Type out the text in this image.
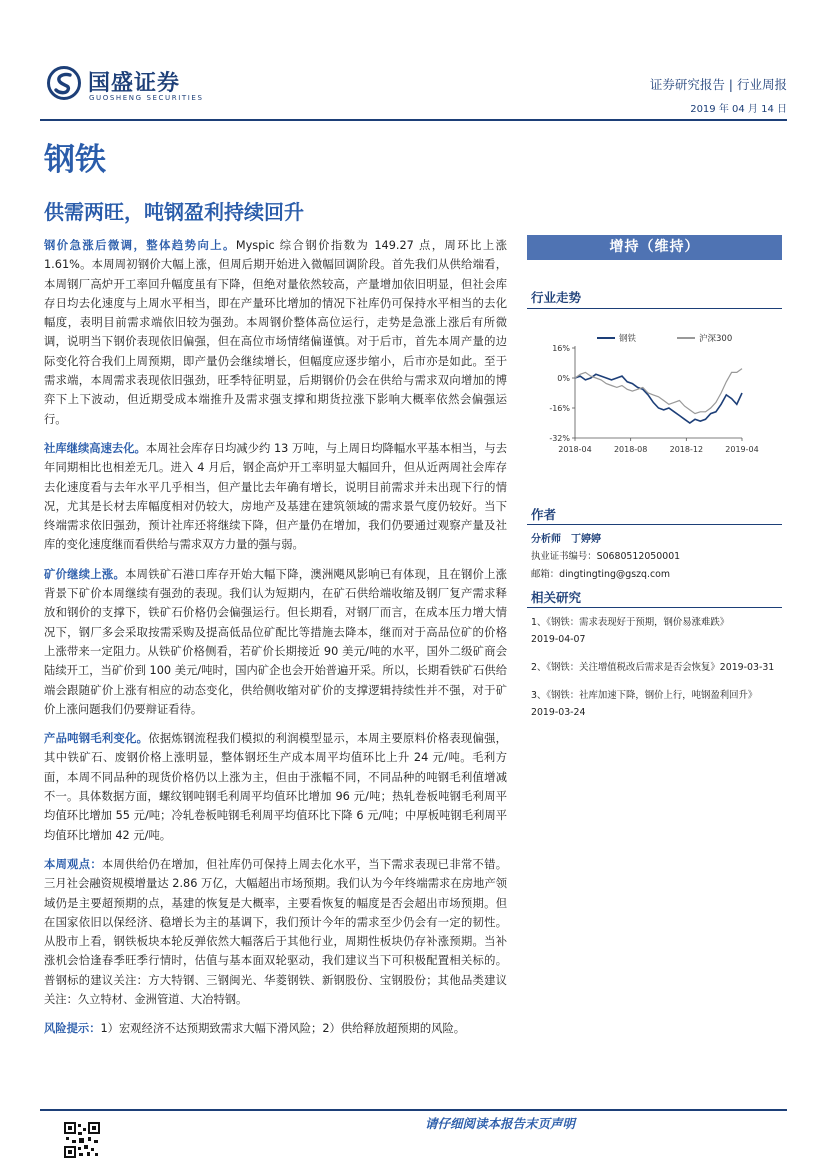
国盛证券
GUOSHENG SECURITIES
证券研究报告 | 行业周报
2019 年 04 月 14 日
钢铁
供需两旺，吨钢盈利持续回升

钢价急涨后微调，整体趋势向上。Myspic 综合钢价指数为 149.27 点，周环比上涨 1.61%。本周周初钢价大幅上涨，但周后期开始进入微幅回调阶段。首先我们从供给端看，本周钢厂高炉开工率回升幅度虽有下降，但绝对量依然较高，产量增加依旧明显，但社会库存日均去化速度与上周水平相当，即在产量环比增加的情况下社库仍可保持水平相当的去化幅度，表明目前需求端依旧较为强劲。本周钢价整体高位运行，走势是急涨上涨后有所微调，说明当下钢价表现依旧偏强，但在高位市场情绪偏谨慎。对于后市，首先本周产量的边际变化符合我们上周预期，即产量仍会继续增长，但幅度应逐步缩小，后市亦是如此。至于需求端，本周需求表现依旧强劲，旺季特征明显，后期钢价仍会在供给与需求双向增加的博弈下上下波动，但近期受成本端推升及需求强支撑和期货拉涨下影响大概率依然会偏强运行。

社库继续高速去化。本周社会库存日均减少约 13 万吨，与上周日均降幅水平基本相当，与去年同期相比也相差无几。进入 4 月后，钢企高炉开工率明显大幅回升，但从近两周社会库存去化速度看与去年水平几乎相当，但产量比去年确有增长，说明目前需求并未出现下行的情况，尤其是长材去库幅度相对仍较大，房地产及基建在建筑领域的需求景气度仍较好。当下终端需求依旧强劲，预计社库还将继续下降，但产量仍在增加，我们仍要通过观察产量及社库的变化速度继而看供给与需求双方力量的强与弱。

矿价继续上涨。本周铁矿石港口库存开始大幅下降，澳洲飓风影响已有体现，且在钢价上涨背景下矿价本周继续有强劲的表现。我们认为短期内，在矿石供给端收缩及钢厂复产需求释放和钢价的支撑下，铁矿石价格仍会偏强运行。但长期看，对钢厂而言，在成本压力增大情况下，钢厂多会采取按需采购及提高低品位矿配比等措施去降本，继而对于高品位矿的价格上涨带来一定阻力。从铁矿价格侧看，若矿价长期接近 90 美元/吨的水平，国外二级矿商会陆续开工，当矿价到 100 美元/吨时，国内矿企也会开始普遍开采。所以，长期看铁矿石供给端会跟随矿价上涨有相应的动态变化，供给侧收缩对矿价的支撑逻辑持续性并不强，对于矿价上涨问题我们仍要辩证看待。

产品吨钢毛利变化。依据炼钢流程我们模拟的利润模型显示，本周主要原料价格表现偏强，其中铁矿石、废钢价格上涨明显，整体钢坯生产成本周平均值环比上升 24 元/吨。毛利方面，本周不同品种的现货价格仍以上涨为主，但由于涨幅不同，不同品种的吨钢毛利值增减不一。具体数据方面，螺纹钢吨钢毛利周平均值环比增加 96 元/吨；热轧卷板吨钢毛利周平均值环比增加 55 元/吨；冷轧卷板吨钢毛利周平均值环比下降 6 元/吨；中厚板吨钢毛利周平均值环比增加 42 元/吨。

本周观点：本周供给仍在增加，但社库仍可保持上周去化水平，当下需求表现已非常不错。三月社会融资规模增量达 2.86 万亿，大幅超出市场预期。我们认为今年终端需求在房地产领域仍是主要超预期的点，基建的恢复是大概率，主要看恢复的幅度是否会超出市场预期。但在国家依旧以保经济、稳增长为主的基调下，我们预计今年的需求至少仍会有一定的韧性。从股市上看，钢铁板块本轮反弹依然大幅落后于其他行业，周期性板块仍存补涨预期。当补涨机会恰逢春季旺季行情时，估值与基本面双轮驱动，我们建议当下可积极配置相关标的。普钢标的建议关注：方大特钢、三钢闽光、华菱钢铁、新钢股份、宝钢股份；其他品类建议关注：久立特材、金洲管道、大冶特钢。

风险提示：1）宏观经济不达预期致需求大幅下滑风险；2）供给释放超预期的风险。

增持（维持）
行业走势
16%
0%
-16%
-32%
2018-04	2018-08	2018-12	2019-04
钢铁	沪深300
作者
分析师　丁婷婷
执业证书编号：S0680512050001
邮箱：dingtingting@gszq.com
相关研究

1、《钢铁：需求表现好于预期，钢价易涨难跌》

2019-04-07

2、《钢铁：关注增值税改后需求是否会恢复》2019-03-31

3、《钢铁：社库加速下降，钢价上行，吨钢盈利回升》

2019-03-24

请仔细阅读本报告末页声明
